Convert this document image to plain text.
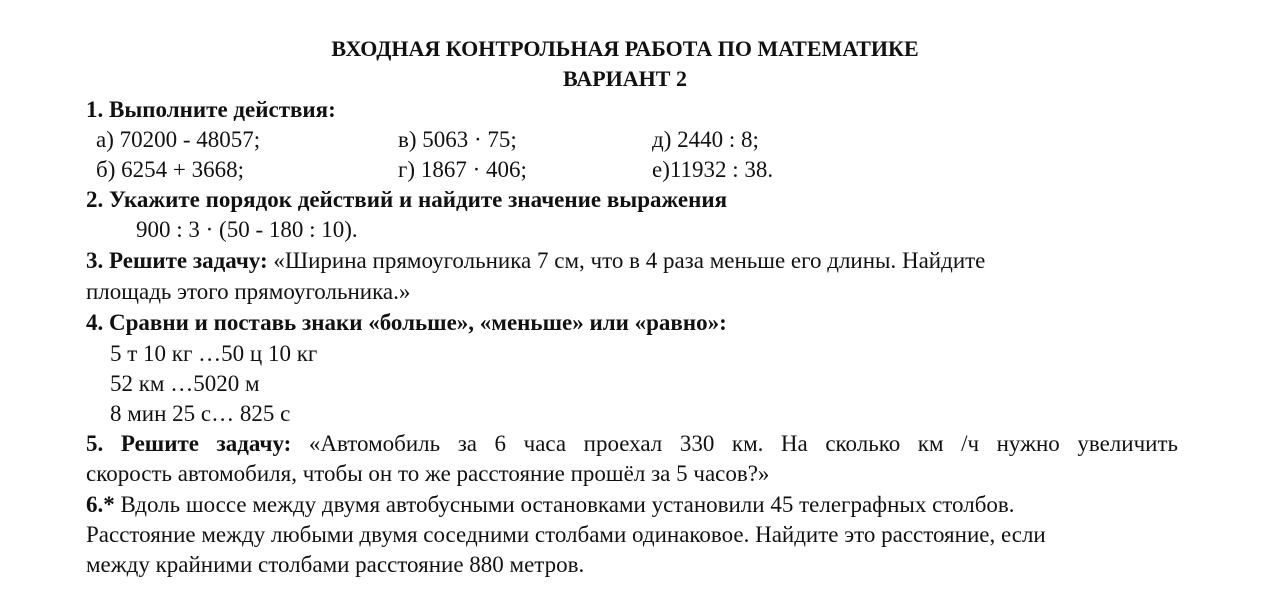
ВХОДНАЯ КОНТРОЛЬНАЯ РАБОТА ПО МАТЕМАТИКЕ
ВАРИАНТ 2
1. Выполните действия:
а) 70200 - 48057;	в) 5063 · 75;	д) 2440 : 8;
б) 6254 + 3668;	г) 1867 · 406;	е)11932 : 38.
2. Укажите порядок действий и найдите значение выражения
900 : 3 · (50 - 180 : 10).
3. Решите задачу: «Ширина прямоугольника 7 см, что в 4 раза меньше его длины. Найдите
площадь этого прямоугольника.»
4. Сравни и поставь знаки «больше», «меньше» или «равно»:
5 т 10 кг …50 ц 10 кг
52 км …5020 м
8 мин 25 с… 825 с
5. Решите задачу: «Автомобиль за 6 часа проехал 330 км. На сколько км /ч нужно увеличить
скорость автомобиля, чтобы он то же расстояние прошёл за 5 часов?»
6.* Вдоль шоссе между двумя автобусными остановками установили 45 телеграфных столбов.
Расстояние между любыми двумя соседними столбами одинаковое. Найдите это расстояние, если
между крайними столбами расстояние 880 метров.
